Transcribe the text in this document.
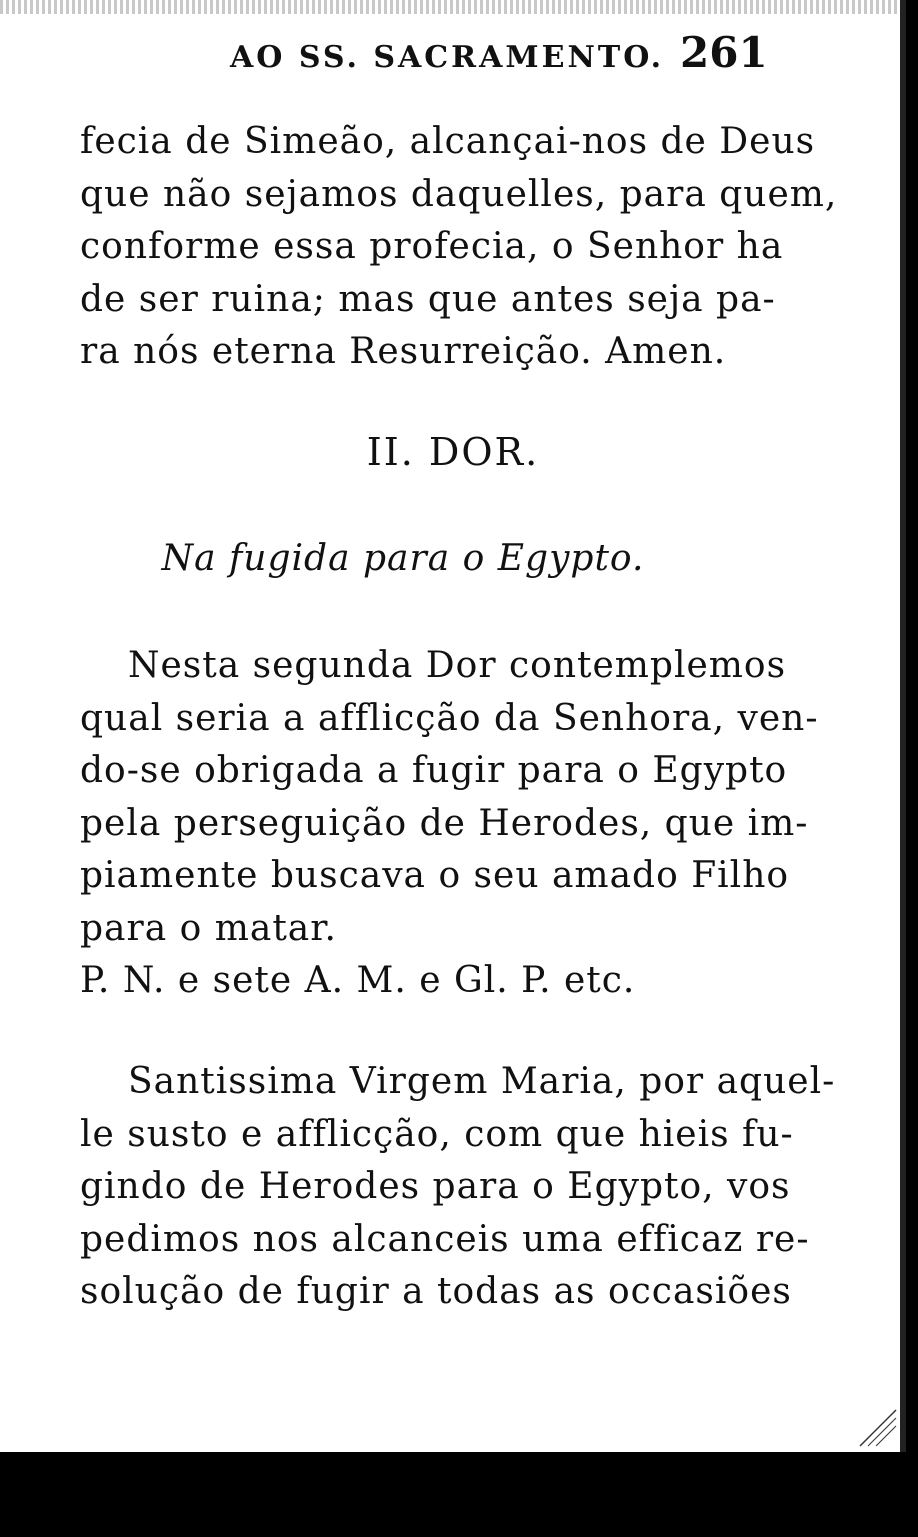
AO SS. SACRAMENTO. 261
fecia de Simeão, alcançai-nos de Deus
que não sejamos daquelles, para quem,
conforme essa profecia, o Senhor ha
de ser ruina; mas que antes seja pa-
ra nós eterna Resurreição. Amen.
II. DOR.
Na fugida para o Egypto.
Nesta segunda Dor contemplemos
qual seria a afflicção da Senhora, ven-
do-se obrigada a fugir para o Egypto
pela perseguição de Herodes, que im-
piamente buscava o seu amado Filho
para o matar.
P. N. e sete A. M. e Gl. P. etc.
Santissima Virgem Maria, por aquel-
le susto e afflicção, com que hieis fu-
gindo de Herodes para o Egypto, vos
pedimos nos alcanceis uma efficaz re-
solução de fugir a todas as occasiões
